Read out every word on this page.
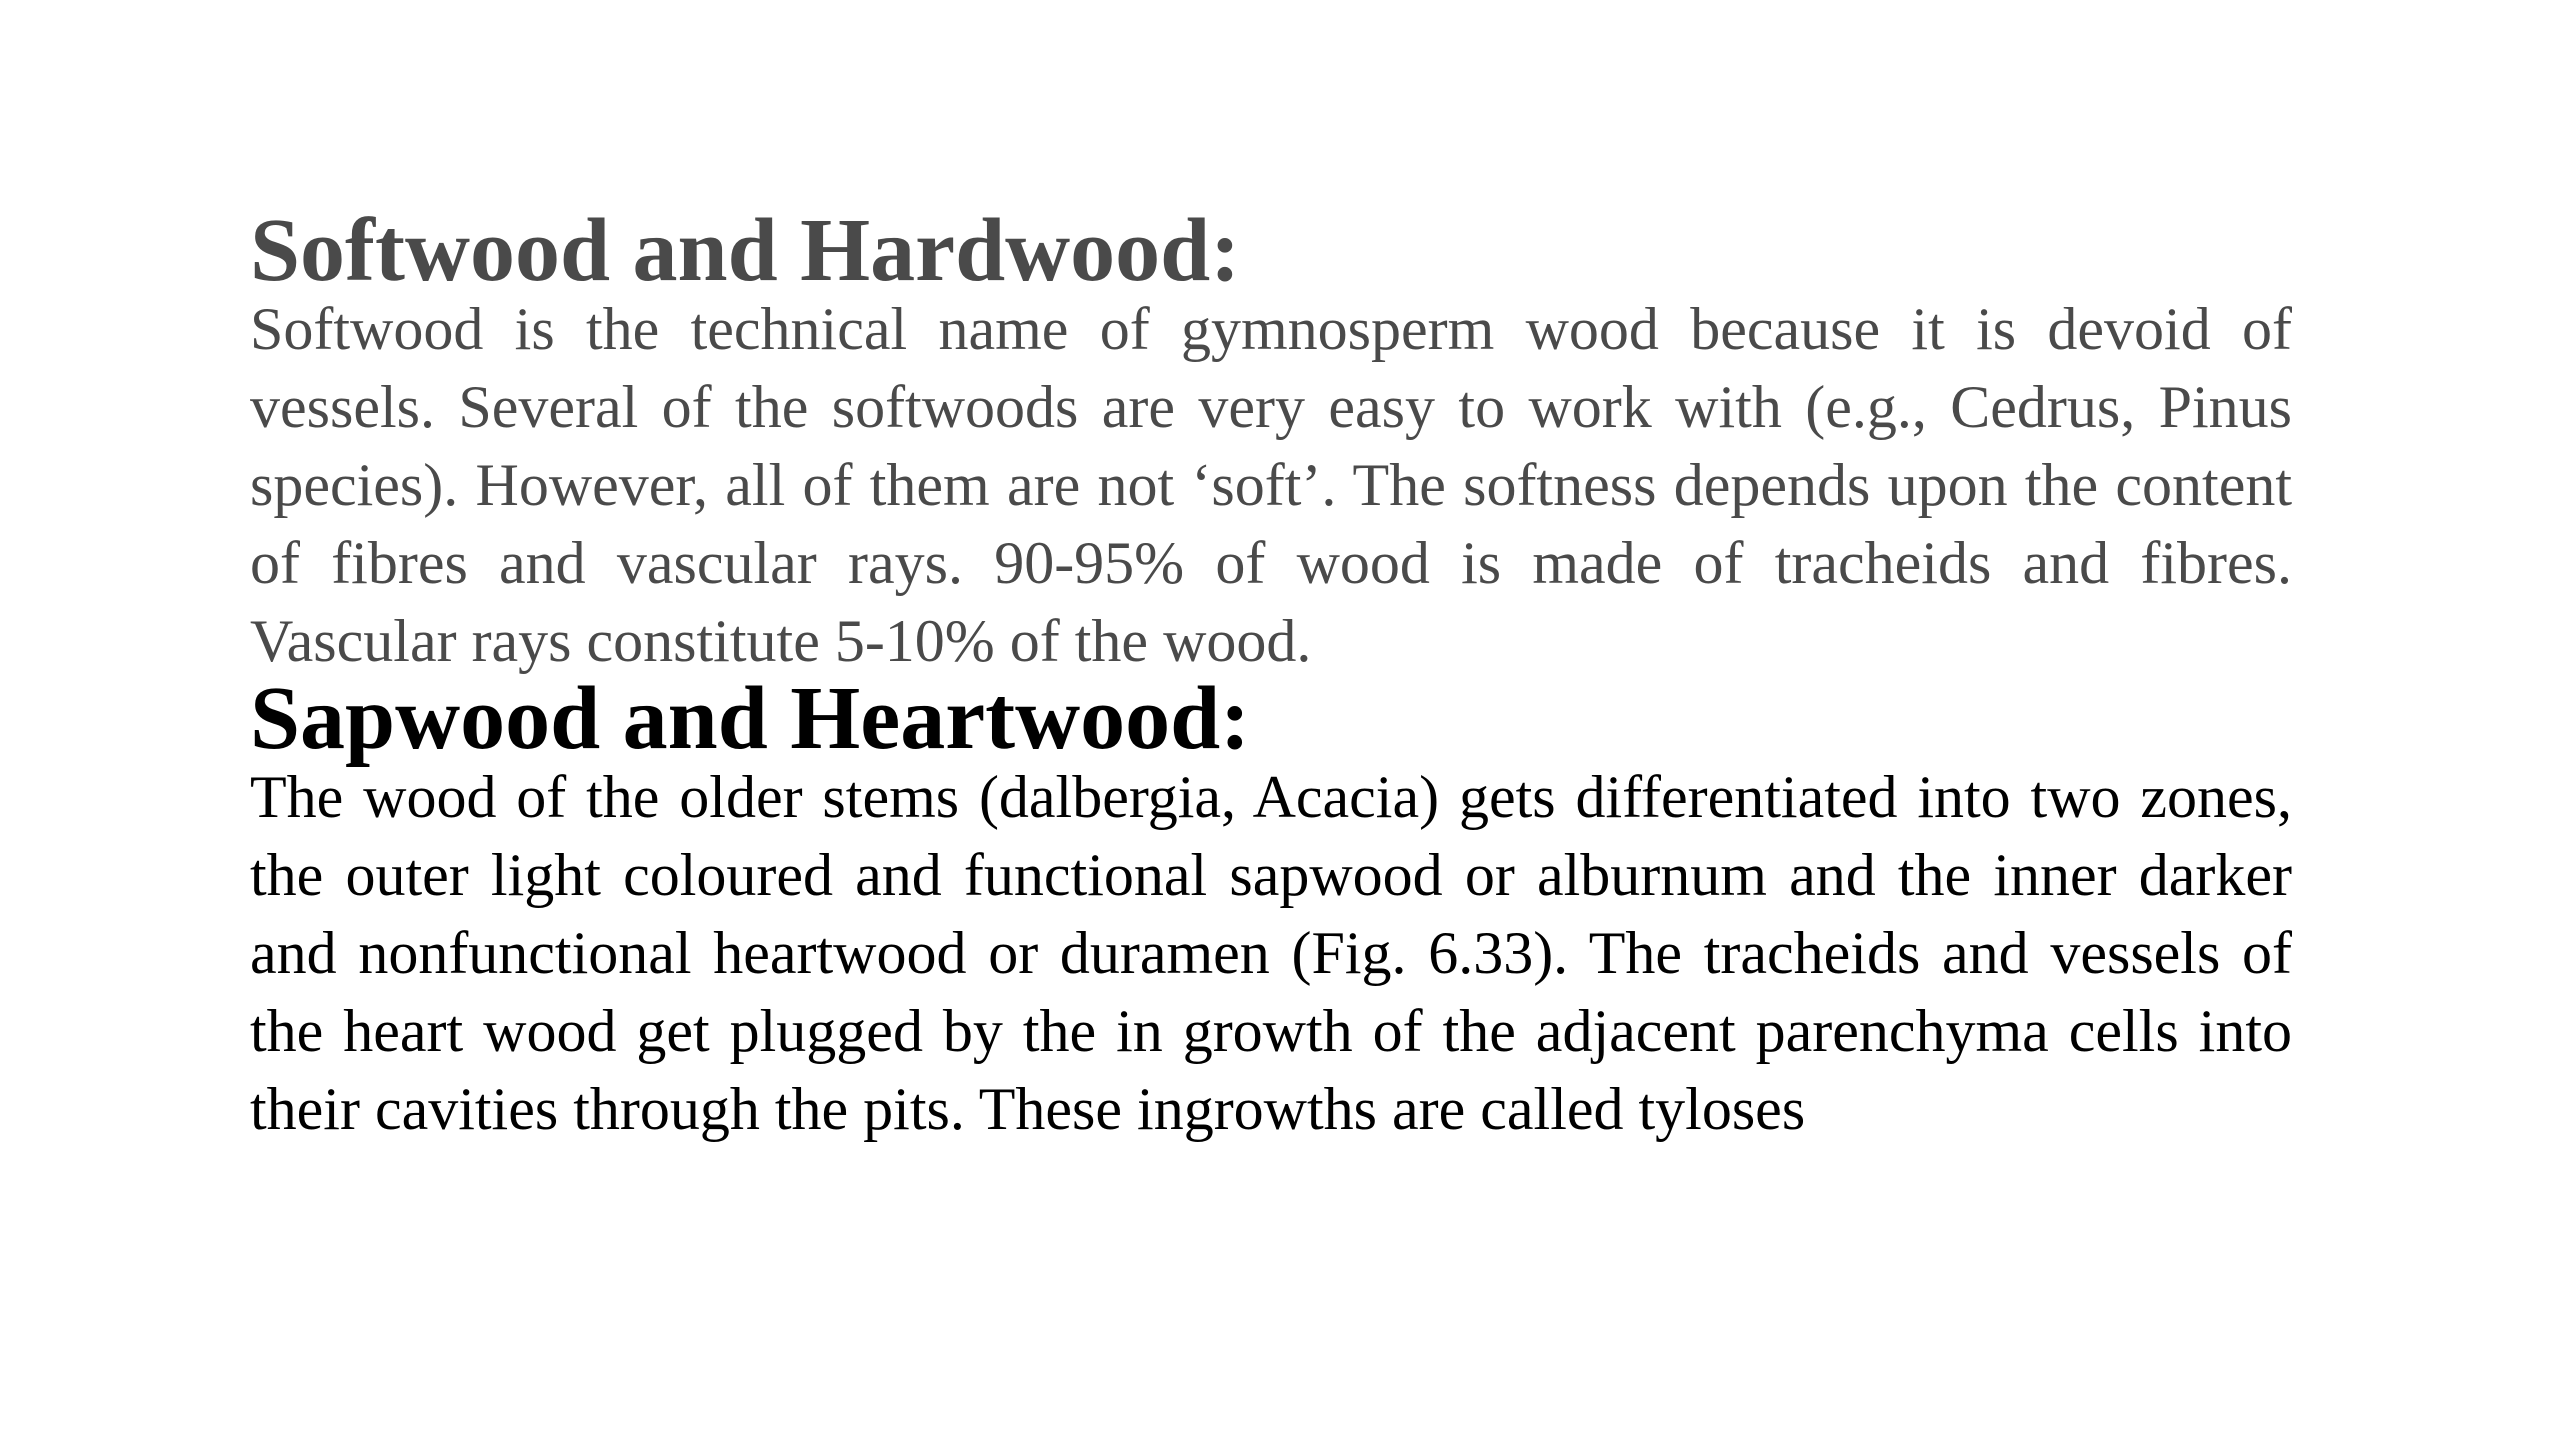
Softwood and Hardwood:

Softwood is the technical name of gymnosperm wood because it is devoid of vessels. Several of the softwoods are very easy to work with (e.g., Cedrus, Pinus species). However, all of them are not ‘soft’. The softness depends upon the content of fibres and vascular rays. 90-95% of wood is made of tracheids and fibres. Vascular rays constitute 5-10% of the wood.

Sapwood and Heartwood:

The wood of the older stems (dalbergia, Acacia) gets differentiated into two zones, the outer light coloured and functional sapwood or alburnum and the inner darker and nonfunctional heartwood or duramen (Fig. 6.33). The tracheids and vessels of the heart wood get plugged by the in growth of the adjacent parenchyma cells into their cavities through the pits. These ingrowths are called tyloses
